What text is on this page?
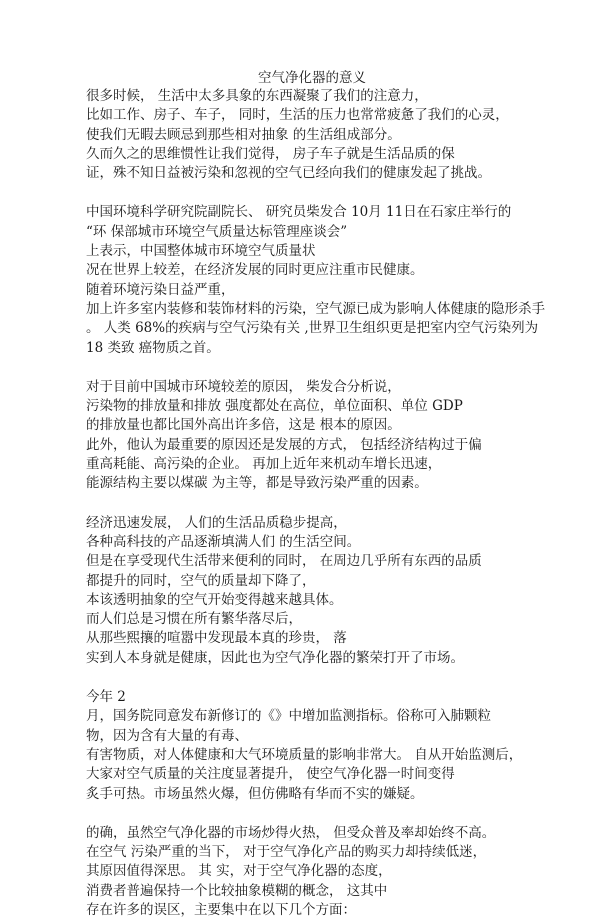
空气净化器的意义
很多时候， 生活中太多具象的东西凝聚了我们的注意力，
比如工作、房子、车子， 同时，生活的压力也常常疲惫了我们的心灵，
使我们无暇去顾忌到那些相对抽象 的生活组成部分。
久而久之的思维惯性让我们觉得， 房子车子就是生活品质的保
证，殊不知日益被污染和忽视的空气已经向我们的健康发起了挑战。
中国环境科学研究院副院长、 研究员柴发合 10月 11日在石家庄举行的
“环 保部城市环境空气质量达标管理座谈会”
上表示，中国整体城市环境空气质量状
况在世界上较差，在经济发展的同时更应注重市民健康。
随着环境污染日益严重，
加上许多室内装修和装饰材料的污染，空气源已成为影响人体健康的隐形杀手
。 人类 68%的疾病与空气污染有关 ,世界卫生组织更是把室内空气污染列为
18 类致 癌物质之首。
对于目前中国城市环境较差的原因， 柴发合分析说，
污染物的排放量和排放 强度都处在高位，单位面积、单位 GDP
的排放量也都比国外高出许多倍，这是 根本的原因。
此外，他认为最重要的原因还是发展的方式， 包括经济结构过于偏
重高耗能、高污染的企业。 再加上近年来机动车增长迅速，
能源结构主要以煤碳 为主等，都是导致污染严重的因素。
经济迅速发展， 人们的生活品质稳步提高，
各种高科技的产品逐渐填满人们 的生活空间。
但是在享受现代生活带来便利的同时， 在周边几乎所有东西的品质
都提升的同时，空气的质量却下降了，
本该透明抽象的空气开始变得越来越具体。
而人们总是习惯在所有繁华落尽后，
从那些熙攘的喧嚣中发现最本真的珍贵， 落
实到人本身就是健康，因此也为空气净化器的繁荣打开了市场。
今年 2
月，国务院同意发布新修订的《》中增加监测指标。俗称可入肺颗粒
物，因为含有大量的有毒、
有害物质，对人体健康和大气环境质量的影响非常大。 自从开始监测后，
大家对空气质量的关注度显著提升， 使空气净化器一时间变得
炙手可热。市场虽然火爆，但仿佛略有华而不实的嫌疑。
的确，虽然空气净化器的市场炒得火热， 但受众普及率却始终不高。
在空气 污染严重的当下， 对于空气净化产品的购买力却持续低迷，
其原因值得深思。 其 实，对于空气净化器的态度，
消费者普遍保持一个比较抽象模糊的概念， 这其中
存在许多的误区，主要集中在以下几个方面：
